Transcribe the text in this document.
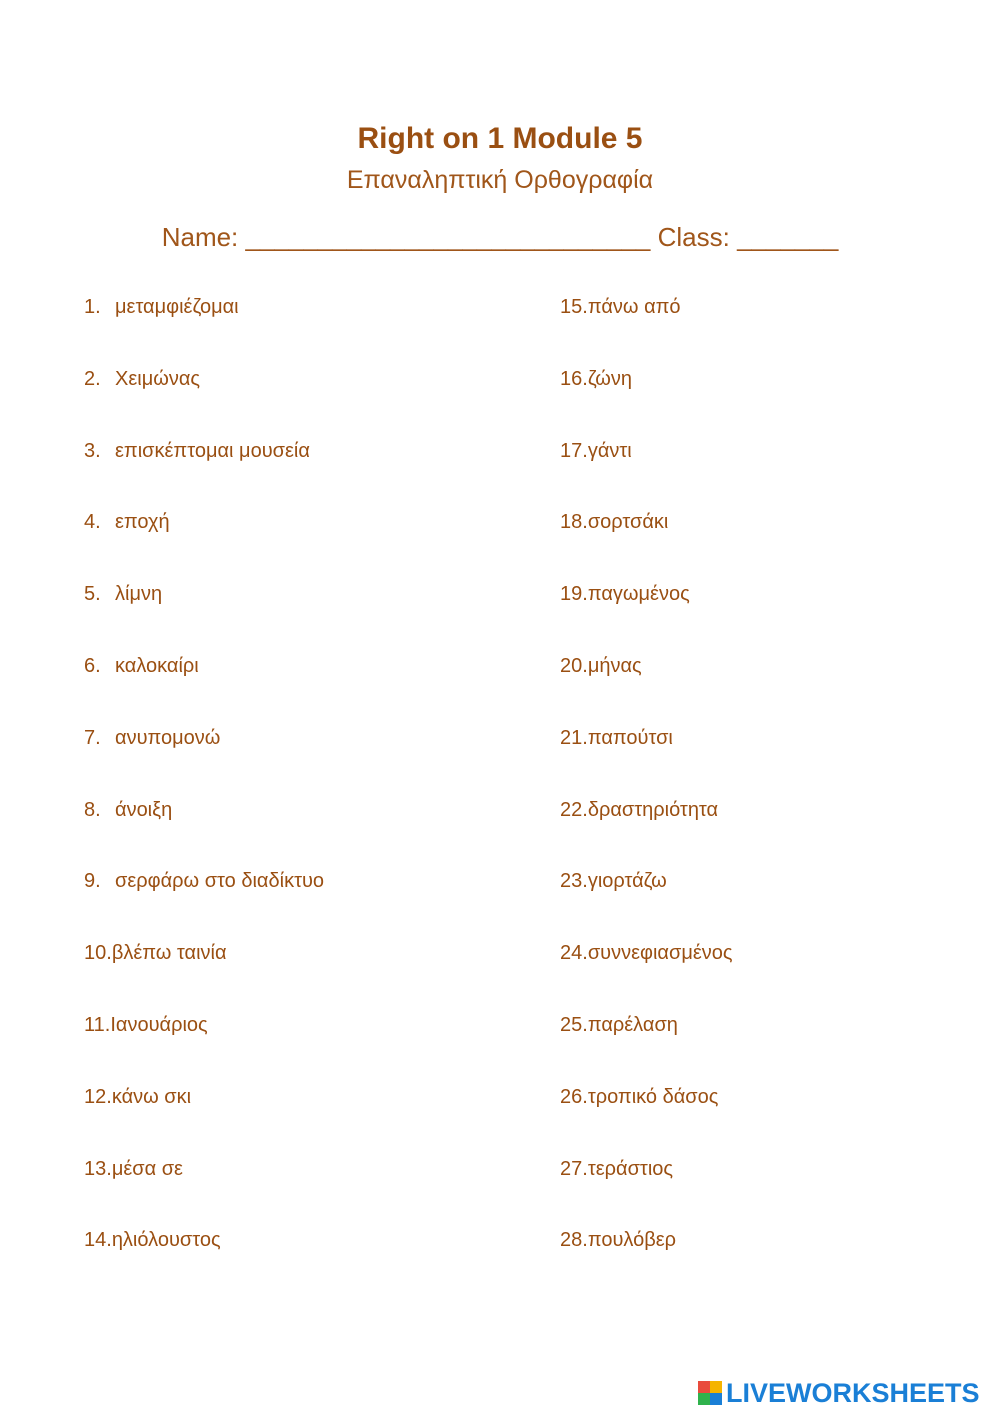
Right on 1 Module 5
Επαναληπτική Ορθογραφία
Name: ____________________________ Class: _______
1. μεταμφιέζομαι
2. Χειμώνας
3. επισκέπτομαι μουσεία
4. εποχή
5. λίμνη
6. καλοκαίρι
7. ανυπομονώ
8. άνοιξη
9. σερφάρω στο διαδίκτυο
10.βλέπω ταινία
11.Ιανουάριος
12.κάνω σκι
13.μέσα σε
14.ηλιόλουστος
15.πάνω από
16.ζώνη
17.γάντι
18.σορτσάκι
19.παγωμένος
20.μήνας
21.παπούτσι
22.δραστηριότητα
23.γιορτάζω
24.συννεφιασμένος
25.παρέλαση
26.τροπικό δάσος
27.τεράστιος
28.πουλόβερ
LIVEWORKSHEETS
